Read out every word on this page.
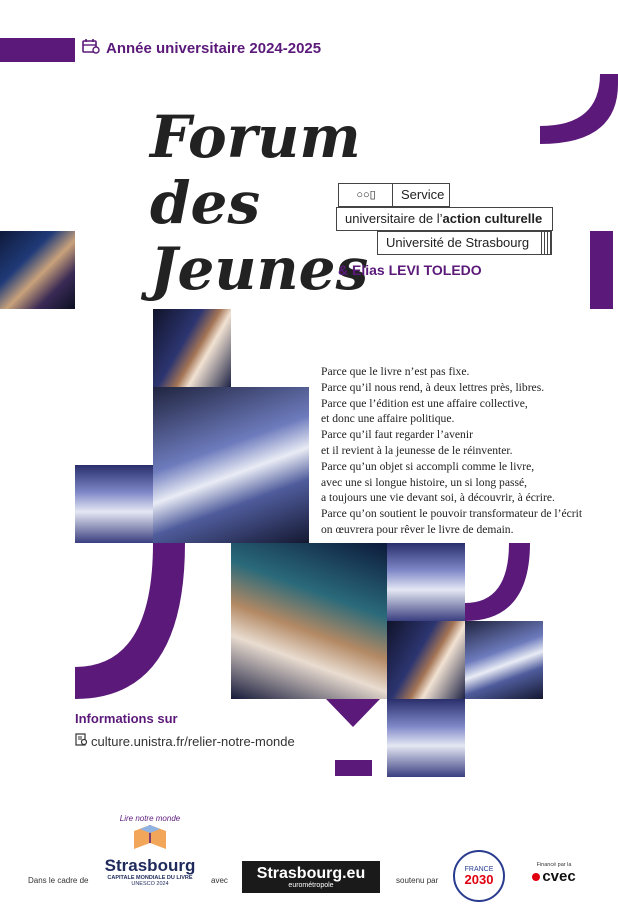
Année universitaire 2024-2025
Forum des
Jeunes
○○ ▯	Service
universitaire de l’action culturelle
Université de Strasbourg
& Elias LEVI TOLEDO
Parce que le livre n’est pas fixe.
Parce qu’il nous rend, à deux lettres près, libres.
Parce que l’édition est une affaire collective,
et donc une affaire politique.
Parce qu’il faut regarder l’avenir
et il revient à la jeunesse de le réinventer.
Parce qu’un objet si accompli comme le livre,
avec une si longue histoire, un si long passé,
a toujours une vie devant soi, à découvrir, à écrire.
Parce qu’on soutient le pouvoir transformateur de l’écrit
on œuvrera pour rêver le livre de demain.
Informations sur
culture.unistra.fr/relier-notre-monde
Dans le cadre de
Lire notre monde
Strasbourg
CAPITALE MONDIALE DU LIVRE
UNESCO 2024	avec Strasbourg.eu
eurométropole
soutenu par
FRANCE
2030
Financé par la
cvec
